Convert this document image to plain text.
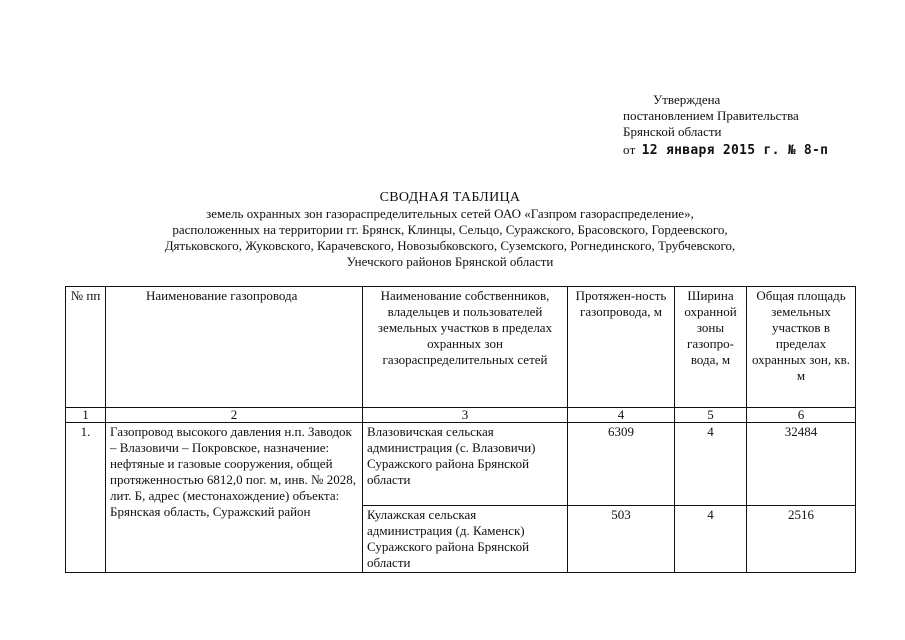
Утверждена
постановлением Правительства
Брянской области
от 12 января 2015 г. № 8-п
СВОДНАЯ ТАБЛИЦА
земель охранных зон газораспределительных сетей ОАО «Газпром газораспределение»,
расположенных на территории гг. Брянск, Клинцы, Сельцо, Суражского, Брасовского, Гордеевского,
Дятьковского, Жуковского, Карачевского, Новозыбковского, Суземского, Рогнединского, Трубчевского,
Унечского районов Брянской области
№ пп	Наименование газопровода	Наименование собственников, владельцев и пользователей земельных участков в пределах охранных зон газораспределительных сетей	Протяжен-ность газопровода, м	Ширина охранной зоны газопро-вода, м	Общая площадь земельных участков в пределах охранных зон, кв. м
1	2	3	4	5	6
1.	Газопровод высокого давления н.п. Заводок – Влазовичи – Покровское, назначение: нефтяные и газовые сооружения, общей протяженностью 6812,0 пог. м, инв. № 2028, лит. Б, адрес (местонахождение) объекта: Брянская область, Суражский район	Влазовичская сельская администрация (с. Влазовичи) Суражского района Брянской области	6309	4	32484
		Кулажская сельская администрация (д. Каменск) Суражского района Брянской области	503	4	2516
